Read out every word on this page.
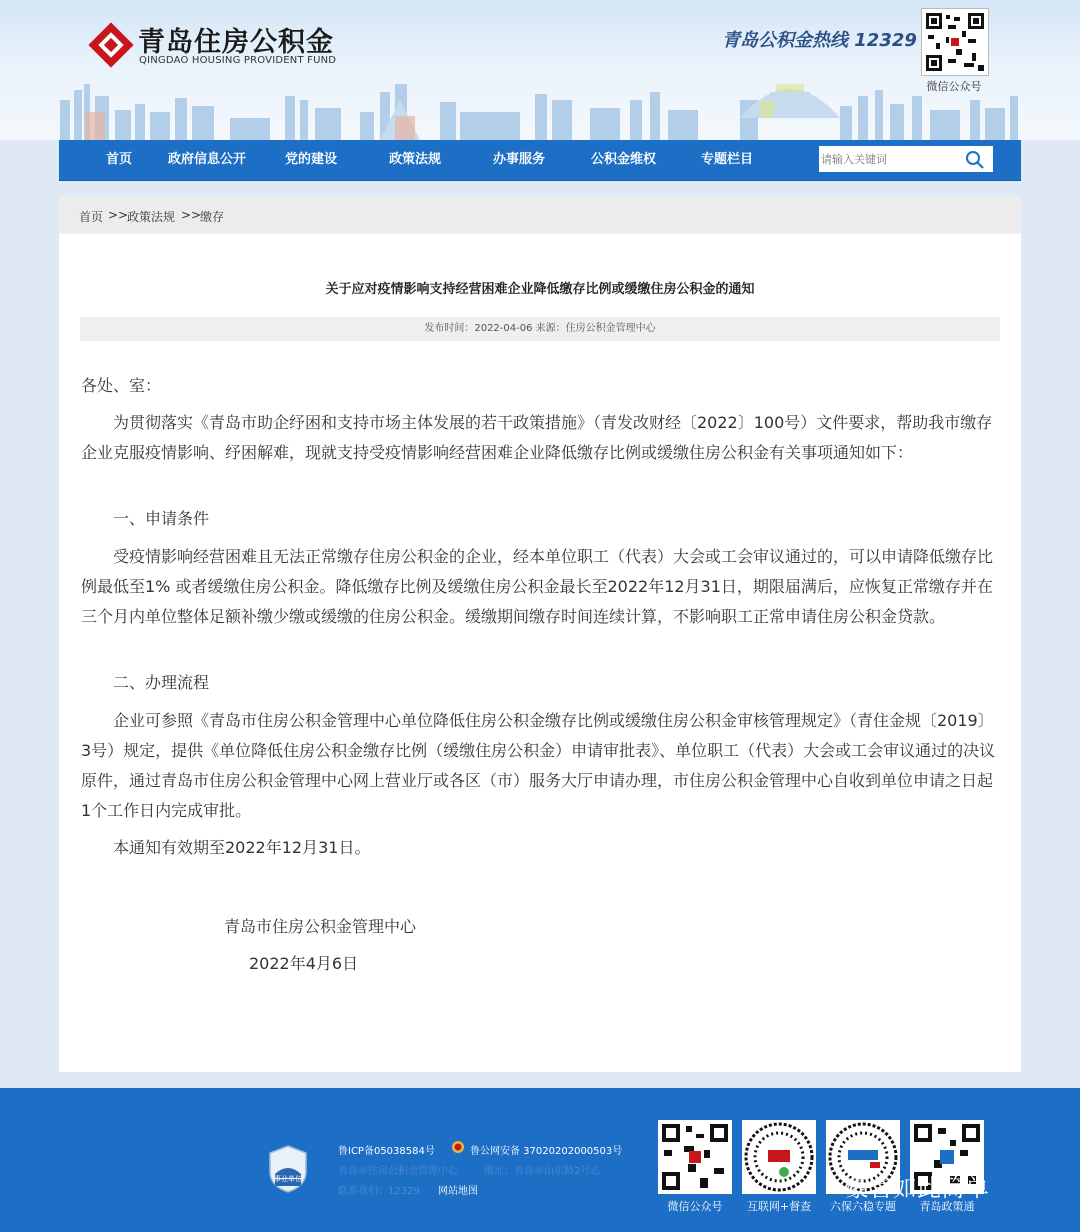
青岛住房公积金
QINGDAO HOUSING PROVIDENT FUND
青岛公积金热线 12329
微信公众号
首页	政府信息公开	党的建设	政策法规	办事服务	公积金维权	专题栏目
请输入关键词
首页 >>
政策法规 >>
缴存
关于应对疫情影响支持经营困难企业降低缴存比例或缓缴住房公积金的通知
发布时间：2022-04-06 来源：住房公积金管理中心
各处、室：
为贯彻落实《青岛市助企纾困和支持市场主体发展的若干政策措施》（青发改财经〔2022〕100号）文件要求，帮助我市缴存企业克服疫情影响、纾困解难，现就支持受疫情影响经营困难企业降低缴存比例或缓缴住房公积金有关事项通知如下：
一、申请条件
受疫情影响经营困难且无法正常缴存住房公积金的企业，经本单位职工（代表）大会或工会审议通过的，可以申请降低缴存比例最低至1% 或者缓缴住房公积金。降低缴存比例及缓缴住房公积金最长至2022年12月31日，期限届满后，应恢复正常缴存并在三个月内单位整体足额补缴少缴或缓缴的住房公积金。缓缴期间缴存时间连续计算，不影响职工正常申请住房公积金贷款。
二、办理流程
企业可参照《青岛市住房公积金管理中心单位降低住房公积金缴存比例或缓缴住房公积金审核管理规定》（青住金规〔2019〕3号）规定，提供《单位降低住房公积金缴存比例（缓缴住房公积金）申请审批表》、单位职工（代表）大会或工会审议通过的决议原件，通过青岛市住房公积金管理中心网上营业厅或各区（市）服务大厅申请办理，市住房公积金管理中心自收到单位申请之日起1个工作日内完成审批。
本通知有效期至2022年12月31日。
青岛市住房公积金管理中心
2022年4月6日
事业单位
鲁ICP备05038584号	鲁公网安备 37020202000503号
青岛市住房公积金管理中心	地址：青岛市山东路2号乙
联系我们：12329 网站地图
微信公众号	互联网+督查	六保六稳专题	青岛政策通
豪言如此简单
